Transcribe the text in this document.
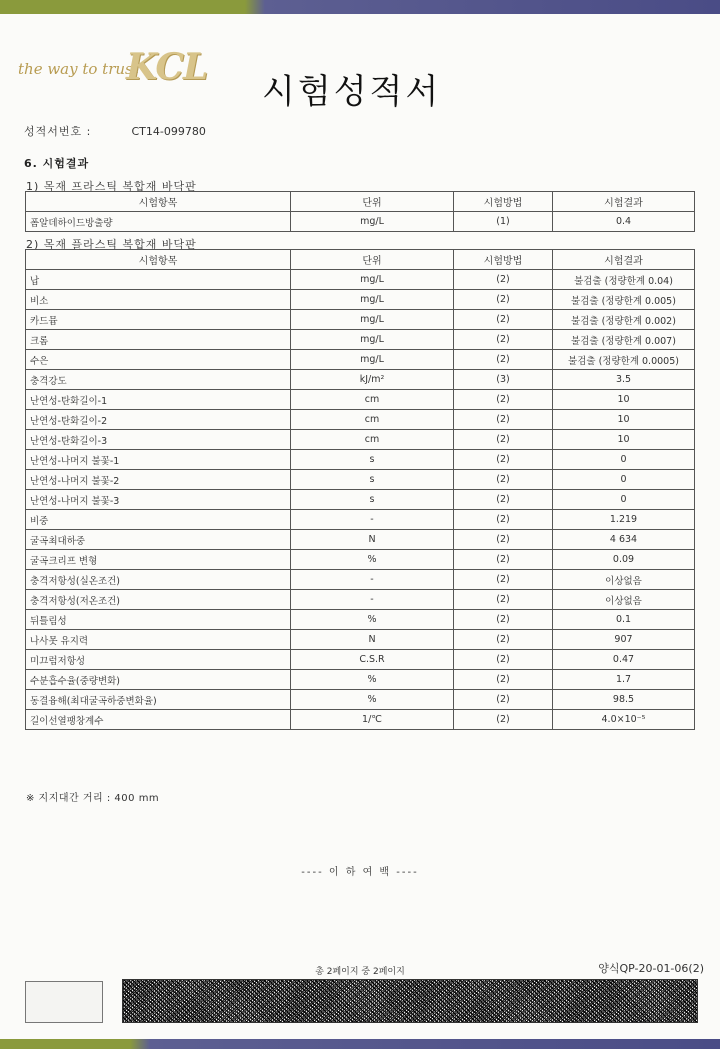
the way to trust
KCL
시험성적서
성적서번호 :	CT14-099780
6. 시험결과
1) 목재 프라스틱 복합재 바닥판
시험항목	단위	시험방법	시험결과
폼알데하이드방출량	mg/L	(1)	0.4
2) 목재 플라스틱 복합재 바닥판
시험항목	단위	시험방법	시험결과
납	mg/L	(2)	불검출 (정량한계 0.04)
비소	mg/L	(2)	불검출 (정량한계 0.005)
카드뮴	mg/L	(2)	불검출 (정량한계 0.002)
크롬	mg/L	(2)	불검출 (정량한계 0.007)
수은	mg/L	(2)	불검출 (정량한계 0.0005)
충격강도	kJ/m²	(3)	3.5
난연성-탄화길이-1	cm	(2)	10
난연성-탄화길이-2	cm	(2)	10
난연성-탄화길이-3	cm	(2)	10
난연성-나머지 불꽃-1	s	(2)	0
난연성-나머지 불꽃-2	s	(2)	0
난연성-나머지 불꽃-3	s	(2)	0
비중	-	(2)	1.219
굴곡최대하중	N	(2)	4 634
굴곡크리프 변형	%	(2)	0.09
충격저항성(실온조건)	-	(2)	이상없음
충격저항성(저온조건)	-	(2)	이상없음
뒤틀림성	%	(2)	0.1
나사못 유지력	N	(2)	907
미끄럼저항성	C.S.R	(2)	0.47
수분흡수율(중량변화)	%	(2)	1.7
동결융해(최대굴곡하중변화율)	%	(2)	98.5
길이선열팽창계수	1/℃	(2)	4.0×10⁻⁵
※ 지지대간 거리 : 400 mm
---- 이 하 여 백 ----
총 2페이지 중 2페이지	양식QP-20-01-06(2)
